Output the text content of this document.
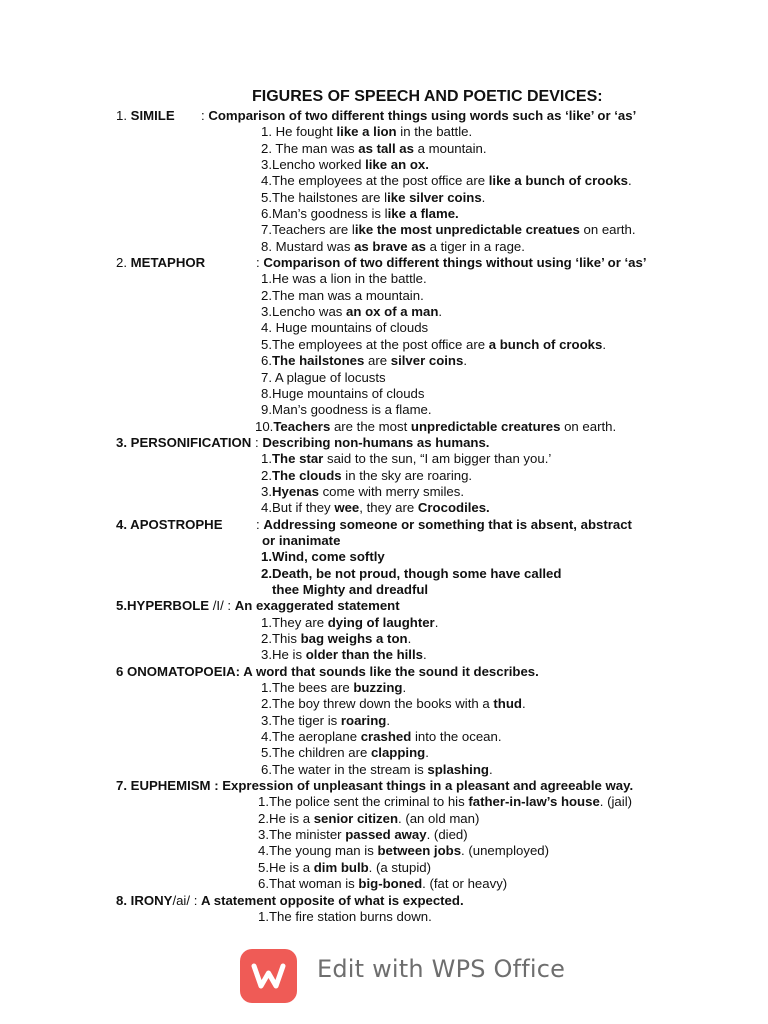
FIGURES OF SPEECH AND POETIC DEVICES:
1. SIMILE : Comparison of two different things using words such as ‘like’ or ‘as’
1. He fought like a lion in the battle.
2. The man was as tall as a mountain.
3.Lencho worked like an ox.
4.The employees at the post office are like a bunch of crooks.
5.The hailstones are like silver coins.
6.Man’s goodness is like a flame.
7.Teachers are like the most unpredictable creatues on earth.
8. Mustard was as brave as a tiger in a rage.
2. METAPHOR	: Comparison of two different things without using ‘like’ or ‘as’
1.He was a lion in the battle.
2.The man was a mountain.
3.Lencho was an ox of a man.
4. Huge mountains of clouds
5.The employees at the post office are a bunch of crooks.
6.The hailstones are silver coins.
7. A plague of locusts
8.Huge mountains of clouds
9.Man’s goodness is a flame.
10.Teachers are the most unpredictable creatures on earth.
3. PERSONIFICATION : Describing non-humans as humans.
1.The star said to the sun, “I am bigger than you.’
2.The clouds in the sky are roaring.
3.Hyenas come with merry smiles.
4.But if they wee, they are Crocodiles.
4. APOSTROPHE	: Addressing someone or something that is absent, abstract
or inanimate
1.Wind, come softly
2.Death, be not proud, though some have called
thee Mighty and dreadful
5.HYPERBOLE /I/ : An exaggerated statement
1.They are dying of laughter.
2.This bag weighs a ton.
3.He is older than the hills.
6 ONOMATOPOEIA: A word that sounds like the sound it describes.
1.The bees are buzzing.
2.The boy threw down the books with a thud.
3.The tiger is roaring.
4.The aeroplane crashed into the ocean.
5.The children are clapping.
6.The water in the stream is splashing.
7. EUPHEMISM : Expression of unpleasant things in a pleasant and agreeable way.
1.The police sent the criminal to his father-in-law’s house. (jail)
2.He is a senior citizen. (an old man)
3.The minister passed away. (died)
4.The young man is between jobs. (unemployed)
5.He is a dim bulb. (a stupid)
6.That woman is big-boned. (fat or heavy)
8. IRONY/ai/ : A statement opposite of what is expected.
1.The fire station burns down.
Edit with WPS Office
